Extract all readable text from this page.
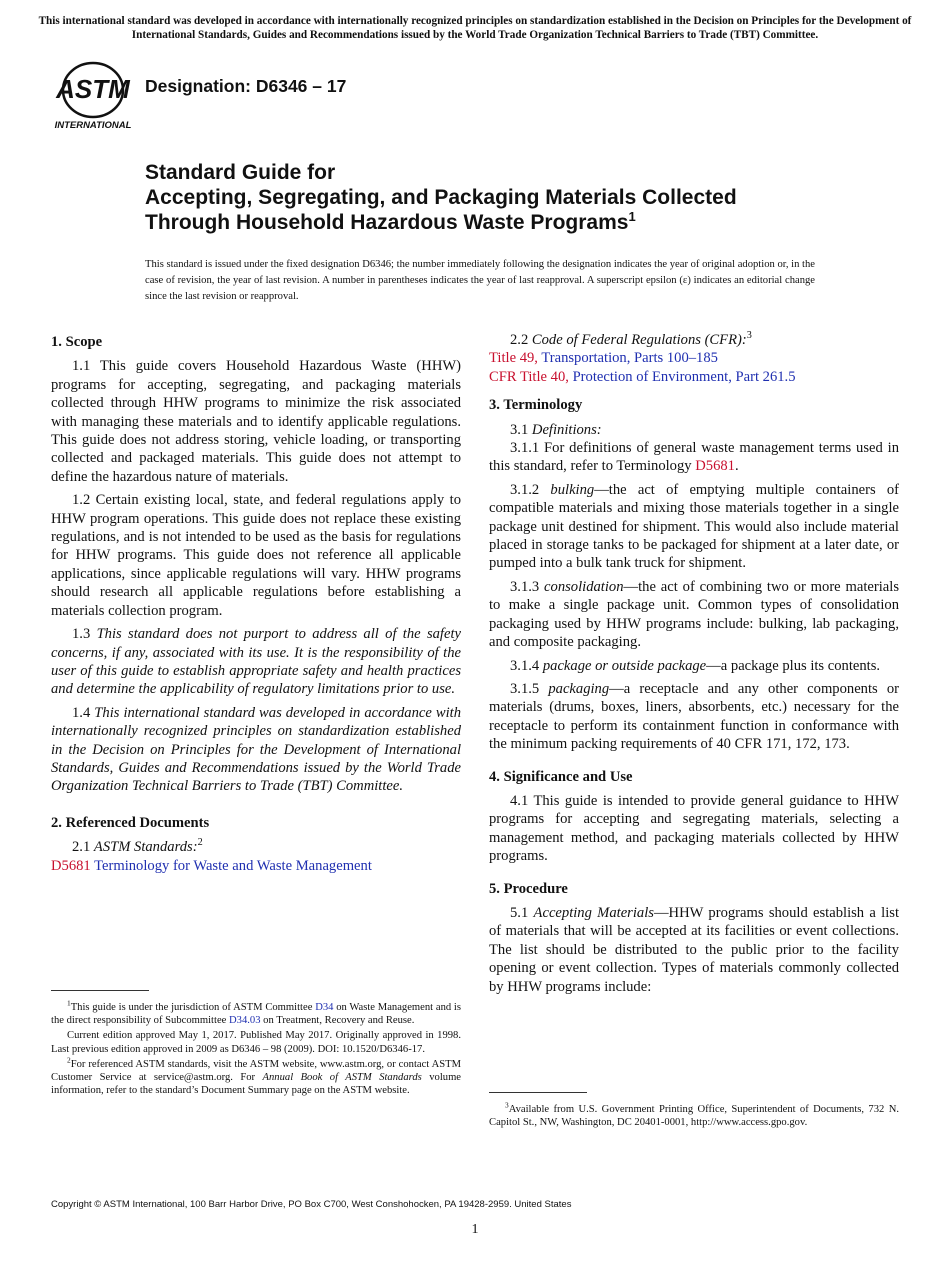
This international standard was developed in accordance with internationally recognized principles on standardization established in the Decision on Principles for the Development of International Standards, Guides and Recommendations issued by the World Trade Organization Technical Barriers to Trade (TBT) Committee.
ASTM
INTERNATIONAL
Designation: D6346 – 17
Standard Guide for
Accepting, Segregating, and Packaging Materials Collected
Through Household Hazardous Waste Programs$^1$
This standard is issued under the fixed designation D6346; the number immediately following the designation indicates the year of original adoption or, in the case of revision, the year of last revision. A number in parentheses indicates the year of last reapproval. A superscript epsilon (ε) indicates an editorial change since the last revision or reapproval.
1. Scope

1.1 This guide covers Household Hazardous Waste (HHW) programs for accepting, segregating, and packaging materials collected through HHW programs to minimize the risk associated with managing these materials and to identify applicable regulations. This guide does not address storing, vehicle loading, or transporting collected and packaged materials. This guide does not attempt to define the hazardous nature of materials.

1.2 Certain existing local, state, and federal regulations apply to HHW program operations. This guide does not replace these existing regulations, and is not intended to be used as the basis for regulations for HHW programs. This guide does not reference all applicable applications, since applicable regulations will vary. HHW programs should research all applicable regulations before establishing a materials collection program.

1.3 This standard does not purport to address all of the safety concerns, if any, associated with its use. It is the responsibility of the user of this guide to establish appropriate safety and health practices and determine the applicability of regulatory limitations prior to use.

1.4 This international standard was developed in accordance with internationally recognized principles on standardization established in the Decision on Principles for the Development of International Standards, Guides and Recommendations issued by the World Trade Organization Technical Barriers to Trade (TBT) Committee.

2. Referenced Documents

2.1 ASTM Standards:$^2$

D5681 Terminology for Waste and Waste Management

$^1$This guide is under the jurisdiction of ASTM Committee D34 on Waste Management and is the direct responsibility of Subcommittee D34.03 on Treatment, Recovery and Reuse.

Current edition approved May 1, 2017. Published May 2017. Originally approved in 1998. Last previous edition approved in 2009 as D6346 – 98 (2009). DOI: 10.1520/D6346-17.

$^2$For referenced ASTM standards, visit the ASTM website, www.astm.org, or contact ASTM Customer Service at service@astm.org. For Annual Book of ASTM Standards volume information, refer to the standard’s Document Summary page on the ASTM website.

2.2 Code of Federal Regulations (CFR):$^3$

Title 49, Transportation, Parts 100–185
CFR Title 40, Protection of Environment, Part 261.5
3. Terminology

3.1 Definitions:

3.1.1 For definitions of general waste management terms used in this standard, refer to Terminology D5681.

3.1.2 bulking—the act of emptying multiple containers of compatible materials and mixing those materials together in a single package unit destined for shipment. This would also include material placed in storage tanks to be packaged for shipment at a later date, or pumped into a bulk tank truck for shipment.

3.1.3 consolidation—the act of combining two or more materials to make a single package unit. Common types of consolidation packaging used by HHW programs include: bulking, lab packaging, and composite packaging.

3.1.4 package or outside package—a package plus its contents.

3.1.5 packaging—a receptacle and any other components or materials (drums, boxes, liners, absorbents, etc.) necessary for the receptacle to perform its containment function in conformance with the minimum packing requirements of 40 CFR 171, 172, 173.

4. Significance and Use

4.1 This guide is intended to provide general guidance to HHW programs for accepting and segregating materials, selecting a management method, and packaging materials collected by HHW programs.

5. Procedure

5.1 Accepting Materials—HHW programs should establish a list of materials that will be accepted at its facilities or event collections. The list should be distributed to the public prior to the facility opening or event collection. Types of materials commonly collected by HHW programs include:

$^3$Available from U.S. Government Printing Office, Superintendent of Documents, 732 N. Capitol St., NW, Washington, DC 20401-0001, http://www.access.gpo.gov.

Copyright © ASTM International, 100 Barr Harbor Drive, PO Box C700, West Conshohocken, PA 19428-2959. United States
1
